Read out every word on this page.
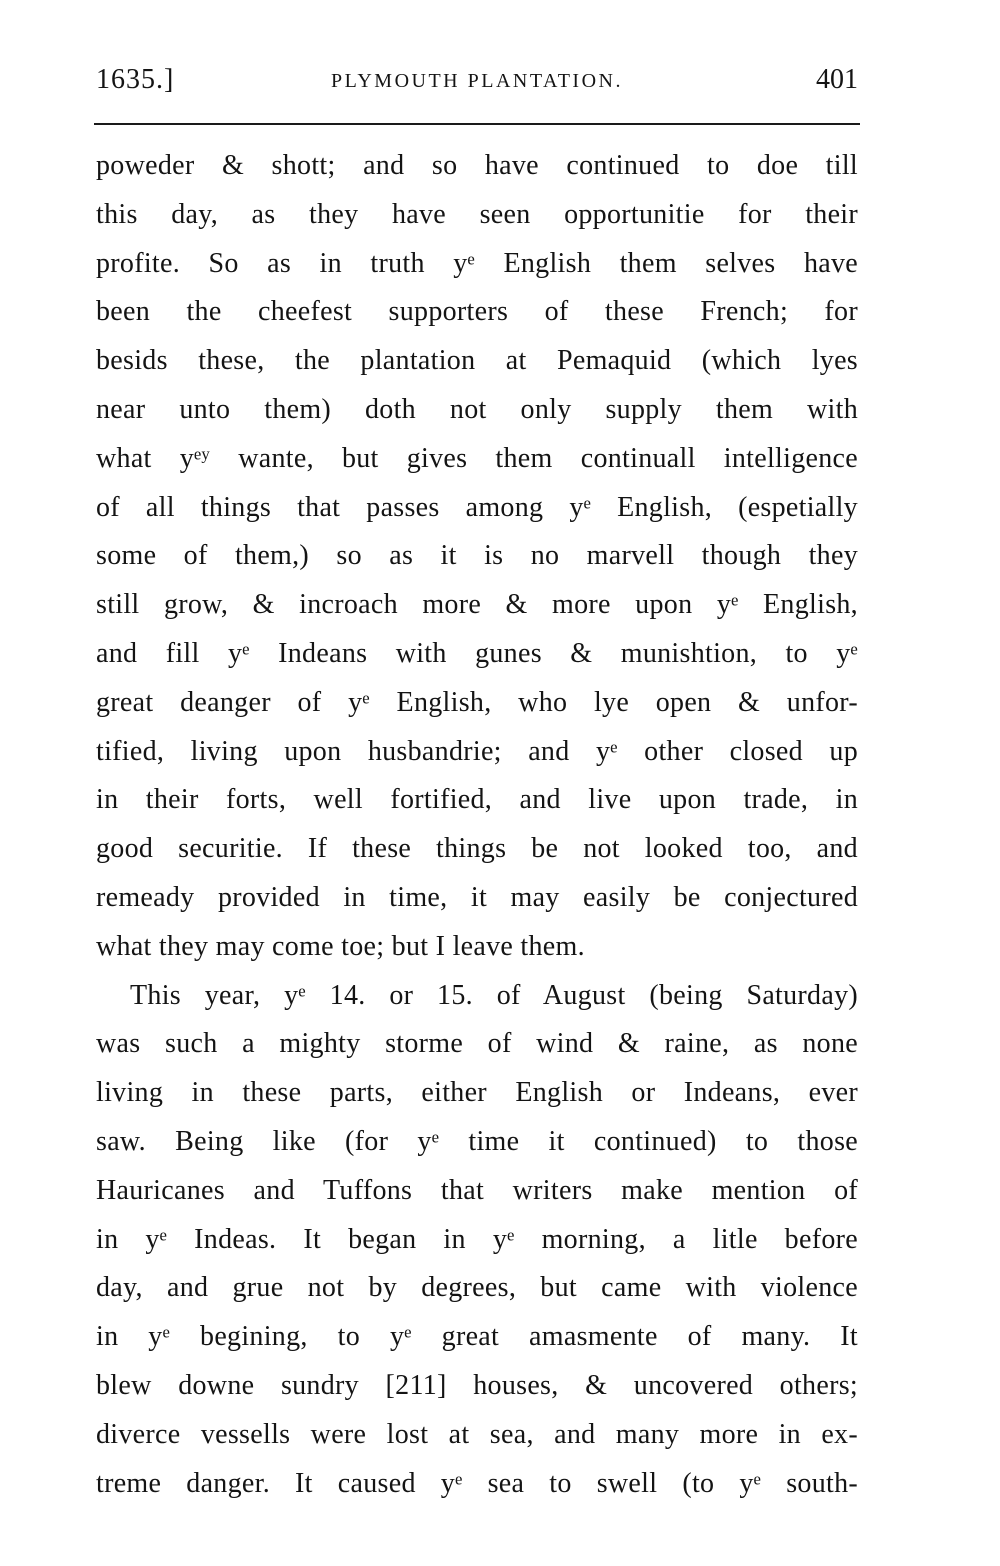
1635.]	PLYMOUTH PLANTATION.	401
poweder & shott; and so have continued to doe till
this day, as they have seen opportunitie for their
profite. So as in truth yᵉ English them selves have
been the cheefest supporters of these French; for
besids these, the plantation at Pemaquid (which lyes
near unto them) doth not only supply them with
what yᵉʸ wante, but gives them continuall intelligence
of all things that passes among yᵉ English, (espetially
some of them,) so as it is no marvell though they
still grow, & incroach more & more upon yᵉ English,
and fill yᵉ Indeans with gunes & munishtion, to yᵉ
great deanger of yᵉ English, who lye open & unfor-
tified, living upon husbandrie; and yᵉ other closed up
in their forts, well fortified, and live upon trade, in
good securitie. If these things be not looked too, and
remeady provided in time, it may easily be conjectured
what they may come toe; but I leave them.
This year, yᵉ 14. or 15. of August (being Saturday)
was such a mighty storme of wind & raine, as none
living in these parts, either English or Indeans, ever
saw. Being like (for yᵉ time it continued) to those
Hauricanes and Tuffons that writers make mention of
in yᵉ Indeas. It began in yᵉ morning, a litle before
day, and grue not by degrees, but came with violence
in yᵉ begining, to yᵉ great amasmente of many. It
blew downe sundry [211] houses, & uncovered others;
diverce vessells were lost at sea, and many more in ex-
treme danger. It caused yᵉ sea to swell (to yᵉ south-
